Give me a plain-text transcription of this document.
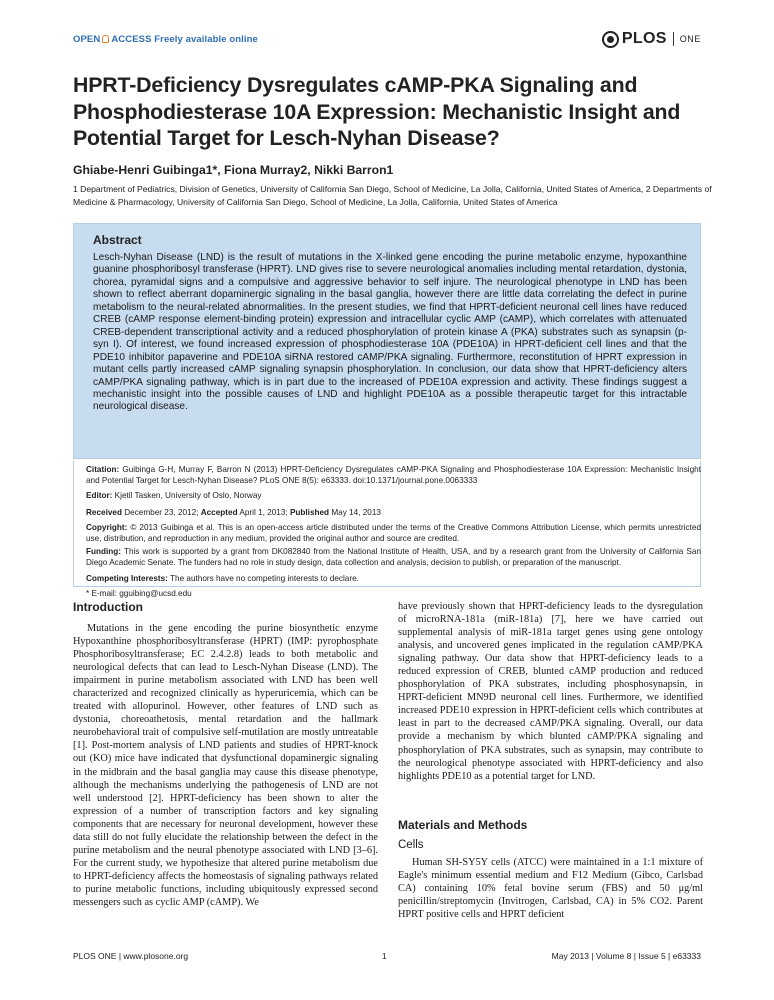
OPEN ACCESS Freely available online	PLOS ONE
HPRT-Deficiency Dysregulates cAMP-PKA Signaling and Phosphodiesterase 10A Expression: Mechanistic Insight and Potential Target for Lesch-Nyhan Disease?
Ghiabe-Henri Guibinga1*, Fiona Murray2, Nikki Barron1
1 Department of Pediatrics, Division of Genetics, University of California San Diego, School of Medicine, La Jolla, California, United States of America, 2 Departments of Medicine & Pharmacology, University of California San Diego, School of Medicine, La Jolla, California, United States of America
Abstract
Lesch-Nyhan Disease (LND) is the result of mutations in the X-linked gene encoding the purine metabolic enzyme, hypoxanthine guanine phosphoribosyl transferase (HPRT). LND gives rise to severe neurological anomalies including mental retardation, dystonia, chorea, pyramidal signs and a compulsive and aggressive behavior to self injure. The neurological phenotype in LND has been shown to reflect aberrant dopaminergic signaling in the basal ganglia, however there are little data correlating the defect in purine metabolism to the neural-related abnormalities. In the present studies, we find that HPRT-deficient neuronal cell lines have reduced CREB (cAMP response element-binding protein) expression and intracellular cyclic AMP (cAMP), which correlates with attenuated CREB-dependent transcriptional activity and a reduced phosphorylation of protein kinase A (PKA) substrates such as synapsin (p-syn I). Of interest, we found increased expression of phosphodiesterase 10A (PDE10A) in HPRT-deficient cell lines and that the PDE10 inhibitor papaverine and PDE10A siRNA restored cAMP/PKA signaling. Furthermore, reconstitution of HPRT expression in mutant cells partly increased cAMP signaling synapsin phosphorylation. In conclusion, our data show that HPRT-deficiency alters cAMP/PKA signaling pathway, which is in part due to the increased of PDE10A expression and activity. These findings suggest a mechanistic insight into the possible causes of LND and highlight PDE10A as a possible therapeutic target for this intractable neurological disease.
Citation: Guibinga G-H, Murray F, Barron N (2013) HPRT-Deficiency Dysregulates cAMP-PKA Signaling and Phosphodiesterase 10A Expression: Mechanistic Insight and Potential Target for Lesch-Nyhan Disease? PLoS ONE 8(5): e63333. doi:10.1371/journal.pone.0063333
Editor: Kjetil Tasken, University of Oslo, Norway
Received December 23, 2012; Accepted April 1, 2013; Published May 14, 2013
Copyright: © 2013 Guibinga et al. This is an open-access article distributed under the terms of the Creative Commons Attribution License, which permits unrestricted use, distribution, and reproduction in any medium, provided the original author and source are credited.
Funding: This work is supported by a grant from DK082840 from the National Institute of Health, USA, and by a research grant from the University of California San Diego Academic Senate. The funders had no role in study design, data collection and analysis, decision to publish, or preparation of the manuscript.
Competing Interests: The authors have no competing interests to declare.
* E-mail: gguibing@ucsd.edu
Introduction

Mutations in the gene encoding the purine biosynthetic enzyme Hypoxanthine phosphoribosyltransferase (HPRT) (IMP: pyrophosphate Phosphoribosyltransferase; EC 2.4.2.8) leads to both metabolic and neurological defects that can lead to Lesch-Nyhan Disease (LND). The impairment in purine metabolism associated with LND has been well characterized and recognized clinically as hyperuricemia, which can be treated with allopurinol. However, other features of LND such as dystonia, choreoathetosis, mental retardation and the hallmark neurobehavioral trait of compulsive self-mutilation are mostly untreatable [1]. Post-mortem analysis of LND patients and studies of HPRT-knock out (KO) mice have indicated that dysfunctional dopaminergic signaling in the midbrain and the basal ganglia may cause this disease phenotype, although the mechanisms underlying the pathogenesis of LND are not well understood [2]. HPRT-deficiency has been shown to alter the expression of a number of transcription factors and key signaling components that are necessary for neuronal development, however these data still do not fully elucidate the relationship between the defect in the purine metabolism and the neural phenotype associated with LND [3–6]. For the current study, we hypothesize that altered purine metabolism due to HPRT-deficiency affects the homeostasis of signaling pathways related to purine metabolic functions, including ubiquitously expressed second messengers such as cyclic AMP (cAMP). We

have previously shown that HPRT-deficiency leads to the dysregulation of microRNA-181a (miR-181a) [7], here we have carried out supplemental analysis of miR-181a target genes using gene ontology analysis, and uncovered genes implicated in the regulation cAMP/PKA signaling pathway. Our data show that HPRT-deficiency leads to a reduced expression of CREB, blunted cAMP production and reduced phosphorylation of PKA substrates, including phosphosynapsin, in HPRT-deficient MN9D neuronal cell lines. Furthermore, we identified increased PDE10 expression in HPRT-deficient cells which contributes at least in part to the decreased cAMP/PKA signaling. Overall, our data provide a mechanism by which blunted cAMP/PKA signaling and phosphorylation of PKA substrates, such as synapsin, may contribute to the neurological phenotype associated with HPRT-deficiency and also highlights PDE10 as a potential target for LND.

Materials and Methods
Cells

Human SH-SY5Y cells (ATCC) were maintained in a 1:1 mixture of Eagle's minimum essential medium and F12 Medium (Gibco, Carlsbad CA) containing 10% fetal bovine serum (FBS) and 50 μg/ml penicillin/streptomycin (Invitrogen, Carlsbad, CA) in 5% CO2. Parent HPRT positive cells and HPRT deficient

PLOS ONE | www.plosone.org	1	May 2013 | Volume 8 | Issue 5 | e63333
